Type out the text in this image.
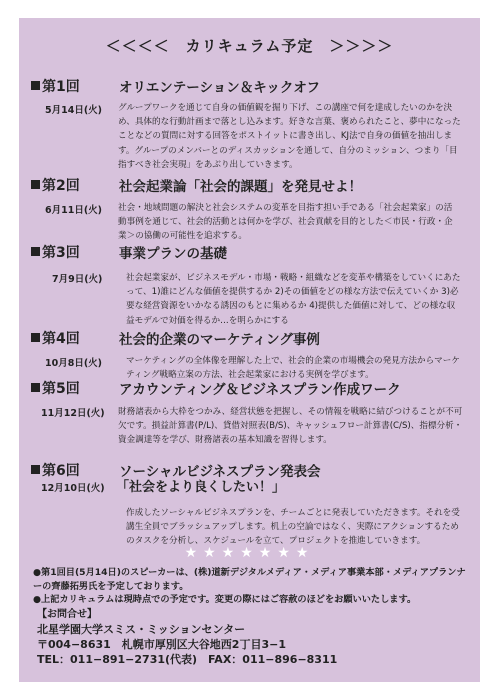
＜＜＜＜　カリキュラム予定　＞＞＞＞
第1回	オリエンテーション＆キックオフ
5月14日(火) グループワークを通じて自身の価値観を掘り下げ、この講座で何を達成したいのかを決め、具体的な行動計画まで落とし込みます。好きな言葉、褒められたこと、夢中になったことなどの質問に対する回答をポストイットに書き出し、KJ法で自身の価値を抽出します。グループのメンバーとのディスカッションを通して、自分のミッション、つまり「目指すべき社会実現」をあぶり出していきます。
第2回	社会起業論「社会的課題」を発見せよ！
6月11日(火) 社会・地域問題の解決と社会システムの変革を目指す担い手である「社会起業家」の活動事例を通じて、社会的活動とは何かを学び、社会貢献を目的とした＜市民・行政・企業＞の協働の可能性を追求する。
第3回	事業プランの基礎
7月9日(火)	社会起業家が、ビジネスモデル・市場・戦略・組織などを変革や構築をしていくにあたって、1)誰にどんな価値を提供するか 2)その価値をどの様な方法で伝えていくか 3)必要な経営資源をいかなる誘因のもとに集めるか 4)提供した価値に対して、どの様な収益モデルで対価を得るか…を明らかにする
第4回	社会的企業のマーケティング事例
10月8日(火)	マーケティングの全体像を理解した上で、社会的企業の市場機会の発見方法からマーケティング戦略立案の方法、社会起業家における実例を学びます。
第5回	アカウンティング＆ビジネスプラン作成ワーク
11月12日(火) 財務諸表から大枠をつかみ、経営状態を把握し、その情報を戦略に結びつけることが不可欠です。損益計算書(P/L)、貸借対照表(B/S)、キャッシュフロー計算書(C/S)、指標分析・資金調達等を学び、財務諸表の基本知識を習得します。
第6回	ソーシャルビジネスプラン発表会
12月10日(火) 「社会をより良くしたい！」
作成したソーシャルビジネスプランを、チームごとに発表していただきます。それを受講生全員でブラッシュアップします。机上の空論ではなく、実際にアクションするためのタスクを分析し、スケジュールを立て、プロジェクトを推進していきます。
★★★★★★★
●第1回目(5月14日)のスピーカーは、(株)道新デジタルメディア・メディア事業本部・メディアプランナーの齊藤拓男氏を予定しております。
●上記カリキュラムは現時点での予定です。変更の際にはご容赦のほどをお願いいたします。
【お問合せ】
北星学園大学スミス・ミッションセンター
〒004−8631　札幌市厚別区大谷地西2丁目3−1
TEL：011−891−2731(代表)　FAX：011−896−8311
